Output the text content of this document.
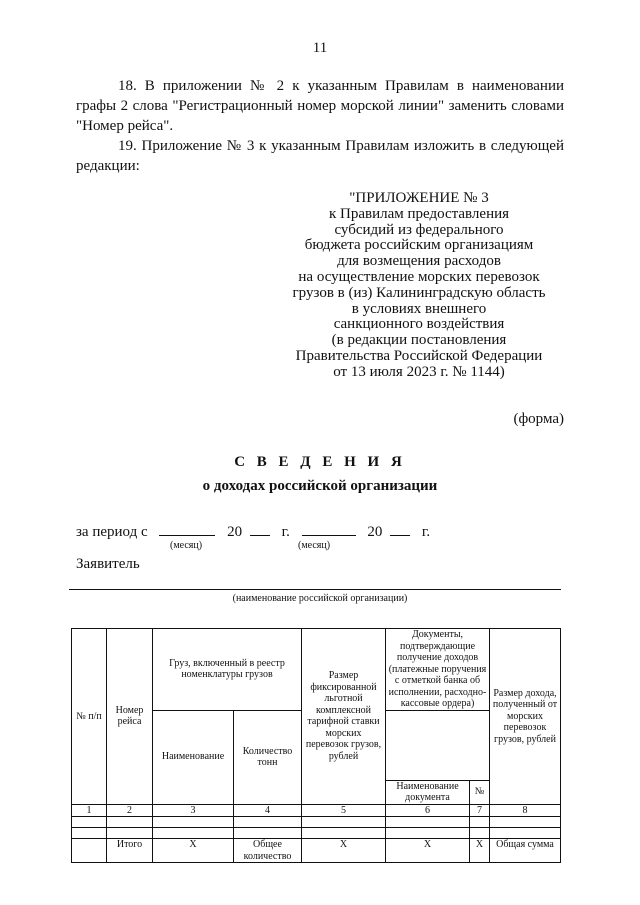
11
18. В приложении № 2 к указанным Правилам в наименовании графы 2 слова "Регистрационный номер морской линии" заменить словами "Номер рейса".
19. Приложение № 3 к указанным Правилам изложить в следующей редакции:
"ПРИЛОЖЕНИЕ № 3
к Правилам предоставления
субсидий из федерального
бюджета российским организациям
для возмещения расходов
на осуществление морских перевозок
грузов в (из) Калининградскую область
в условиях внешнего
санкционного воздействия
(в редакции постановления
Правительства Российской Федерации
от 13 июля 2023 г. № 1144)
(форма)
С В Е Д Е Н И Я
о доходах российской организации
за период с	20	г.	20	г.
(месяц)	(месяц)
Заявитель
(наименование российской организации)
№ п/п	Номер рейса	Груз, включенный в реестр номенклатуры грузов		Размер фиксированной льготной комплексной тарифной ставки морских перевозок грузов, рублей	Документы, подтверждающие получение доходов (платежные поручения с отметкой банка об исполнении, расходно-кассовые ордера)		Размер дохода, полученный от морских перевозок грузов, рублей
		Наименование	Количество тонн				
					Наименование документа	№	
1	2	3	4	5	6	7	8

	Итого	Х	Общее количество	Х	Х	Х	Общая сумма
